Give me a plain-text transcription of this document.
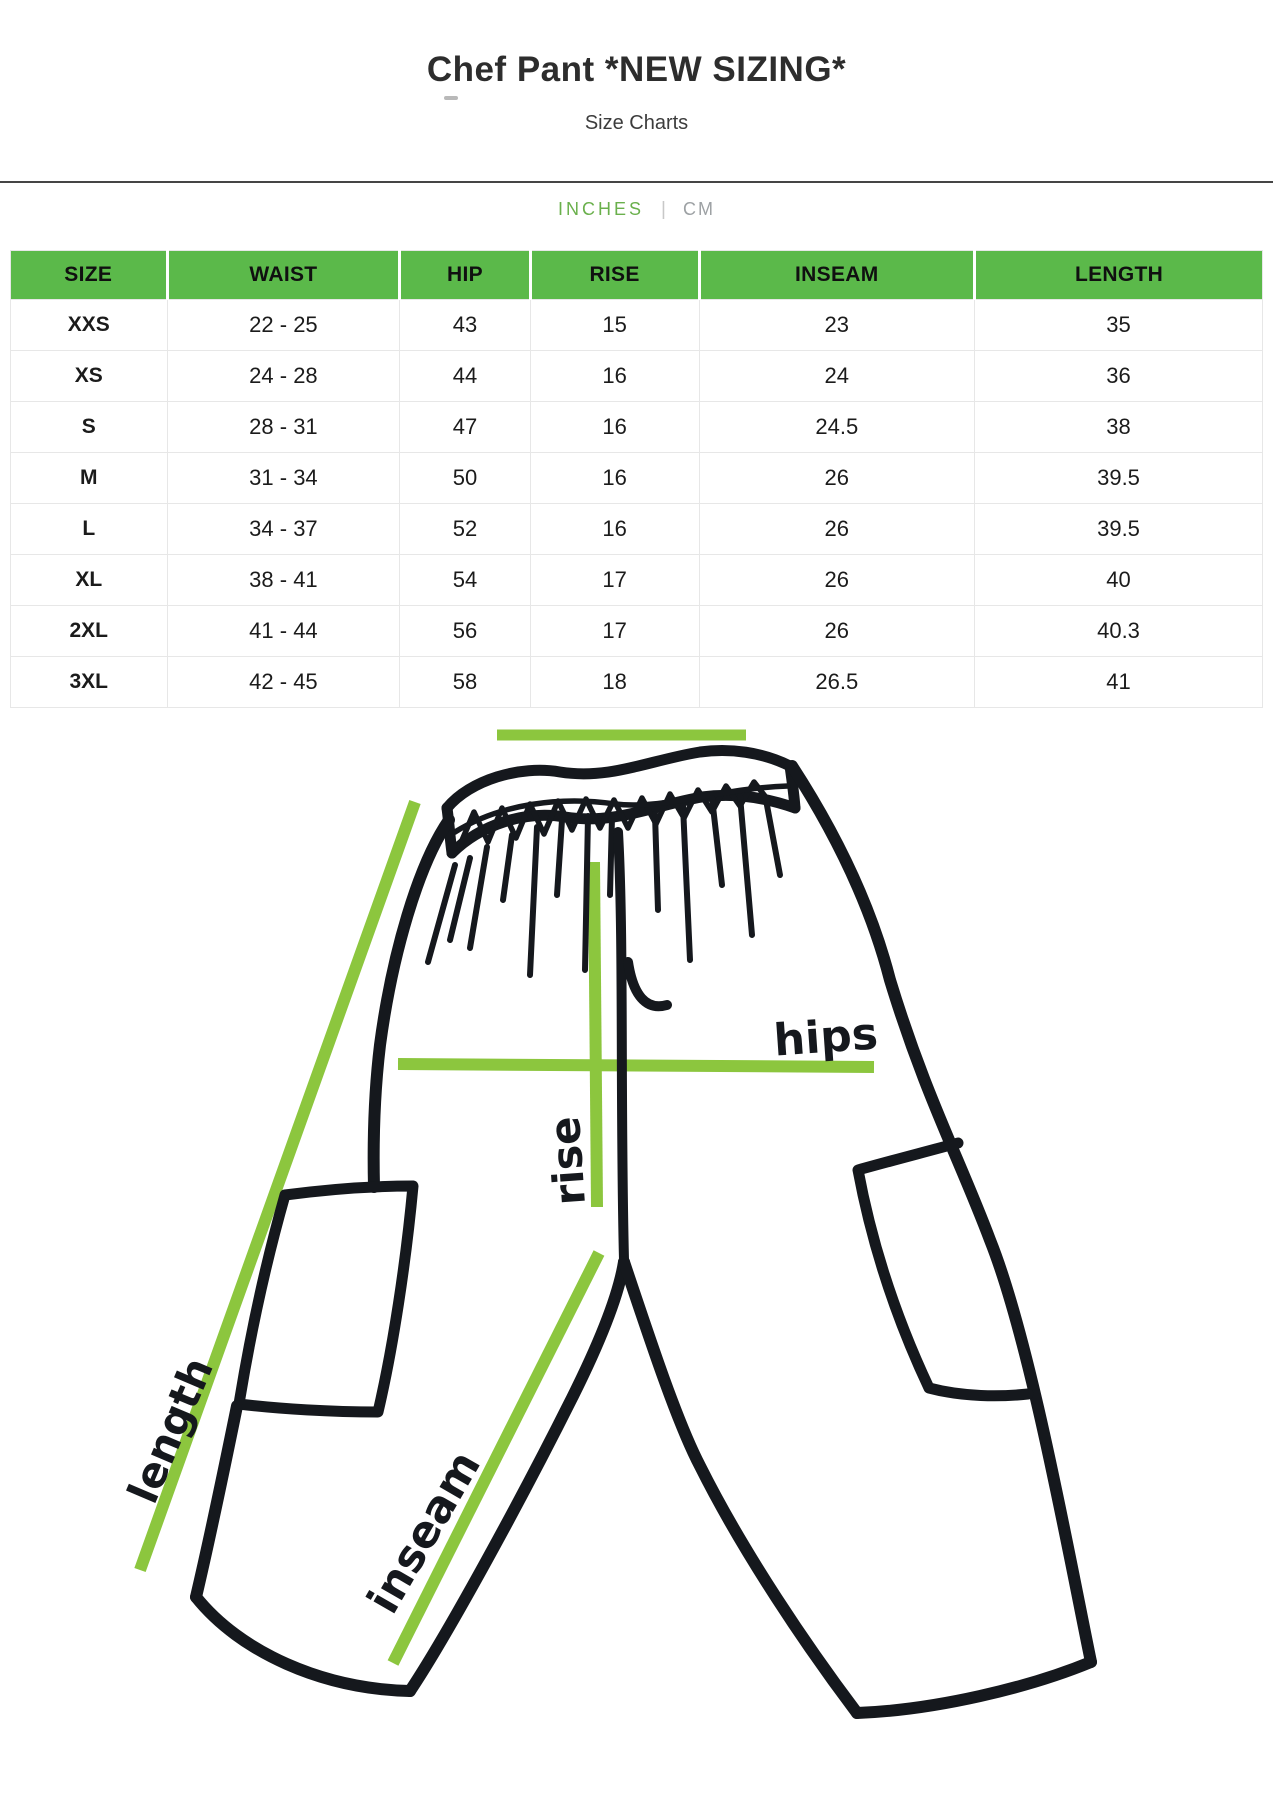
Chef Pant *NEW SIZING*
Size Charts
INCHES | CM
SIZE	WAIST	HIP	RISE	INSEAM	LENGTH
XXS	22 - 25	43	15	23	35
XS	24 - 28	44	16	24	36
S	28 - 31	47	16	24.5	38
M	31 - 34	50	16	26	39.5
L	34 - 37	52	16	26	39.5
XL	38 - 41	54	17	26	40
2XL	41 - 44	56	17	26	40.3
3XL	42 - 45	58	18	26.5	41
hips
rise
length
inseam
